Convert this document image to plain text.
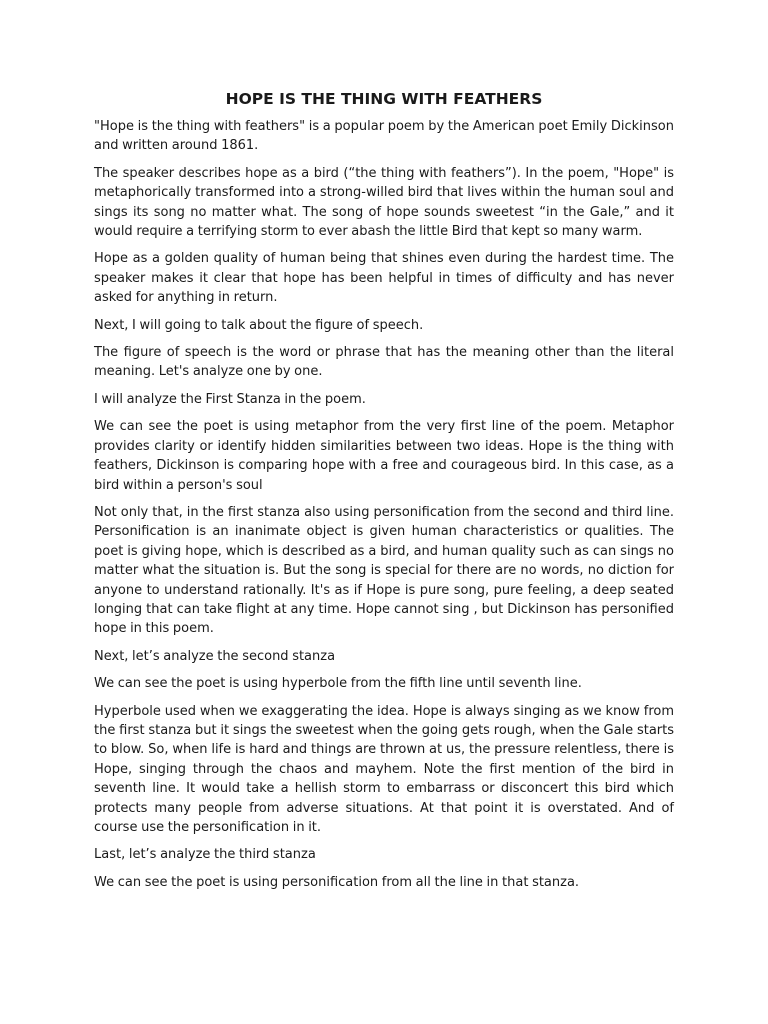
HOPE IS THE THING WITH FEATHERS

"Hope is the thing with feathers" is a popular poem by the American poet Emily Dickinson and written around 1861.

The speaker describes hope as a bird (“the thing with feathers”). In the poem, "Hope" is metaphorically transformed into a strong-willed bird that lives within the human soul and sings its song no matter what. The song of hope sounds sweetest “in the Gale,” and it would require a terrifying storm to ever abash the little Bird that kept so many warm.

Hope as a golden quality of human being that shines even during the hardest time. The speaker makes it clear that hope has been helpful in times of difficulty and has never asked for anything in return.

Next, I will going to talk about the figure of speech.

The figure of speech is the word or phrase that has the meaning other than the literal meaning. Let's analyze one by one.

I will analyze the First Stanza in the poem.

We can see the poet is using metaphor from the very first line of the poem. Metaphor provides clarity or identify hidden similarities between two ideas. Hope is the thing with feathers, Dickinson is comparing hope with a free and courageous bird. In this case, as a bird within a person's soul

Not only that, in the first stanza also using personification from the second and third line. Personification is an inanimate object is given human characteristics or qualities. The poet is giving hope, which is described as a bird, and human quality such as can sings no matter what the situation is. But the song is special for there are no words, no diction for anyone to understand rationally. It's as if Hope is pure song, pure feeling, a deep seated longing that can take flight at any time. Hope cannot sing , but Dickinson has personified hope in this poem.

Next, let’s analyze the second stanza

We can see the poet is using hyperbole from the fifth line until seventh line.

Hyperbole used when we exaggerating the idea. Hope is always singing as we know from the first stanza but it sings the sweetest when the going gets rough, when the Gale starts to blow. So, when life is hard and things are thrown at us, the pressure relentless, there is Hope, singing through the chaos and mayhem. Note the first mention of the bird in seventh line. It would take a hellish storm to embarrass or disconcert this bird which protects many people from adverse situations. At that point it is overstated. And of course use the personification in it.

Last, let’s analyze the third stanza

We can see the poet is using personification from all the line in that stanza.
